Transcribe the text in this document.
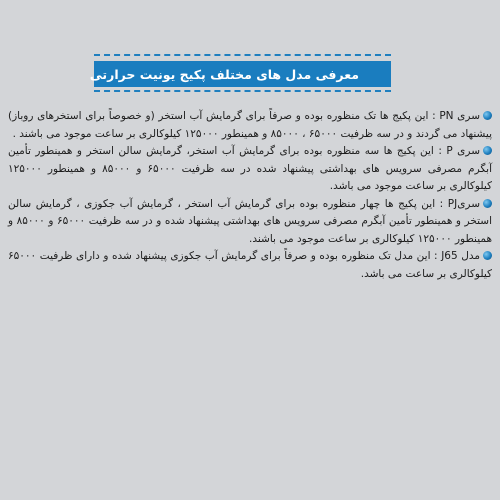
معرفی مدل های مختلف پکیج یونیت حرارتی

سری PN : این پکیج ها تک منظوره بوده و صرفاً برای گرمایش آب استخر (و خصوصاً برای استخرهای روباز) پیشنهاد می گردند و در سه ظرفیت ۶۵۰۰۰ ، ۸۵۰۰۰ و همینطور ۱۲۵۰۰۰ کیلوکالری بر ساعت موجود می باشند .

سری P : این پکیج ها سه منظوره بوده برای گرمایش آب استخر، گرمایش سالن استخر و همینطور تأمین آبگرم مصرفی سرویس های بهداشتی پیشنهاد شده در سه ظرفیت ۶۵۰۰۰ و ۸۵۰۰۰ و همینطور ۱۲۵۰۰۰ کیلوکالری بر ساعت موجود می باشد.

سریPJ : این پکیج ها چهار منظوره بوده برای گرمایش آب استخر ، گرمایش آب جکوزی ، گرمایش سالن استخر و همینطور تأمین آبگرم مصرفی سرویس های بهداشتی پیشنهاد شده و در سه ظرفیت ۶۵۰۰۰ و ۸۵۰۰۰ و همینطور ۱۲۵۰۰۰ کیلوکالری بر ساعت موجود می باشند.

مدل J65 : این مدل تک منظوره بوده و صرفاً برای گرمایش آب جکوزی پیشنهاد شده و دارای ظرفیت ۶۵۰۰۰ کیلوکالری بر ساعت می باشد.
